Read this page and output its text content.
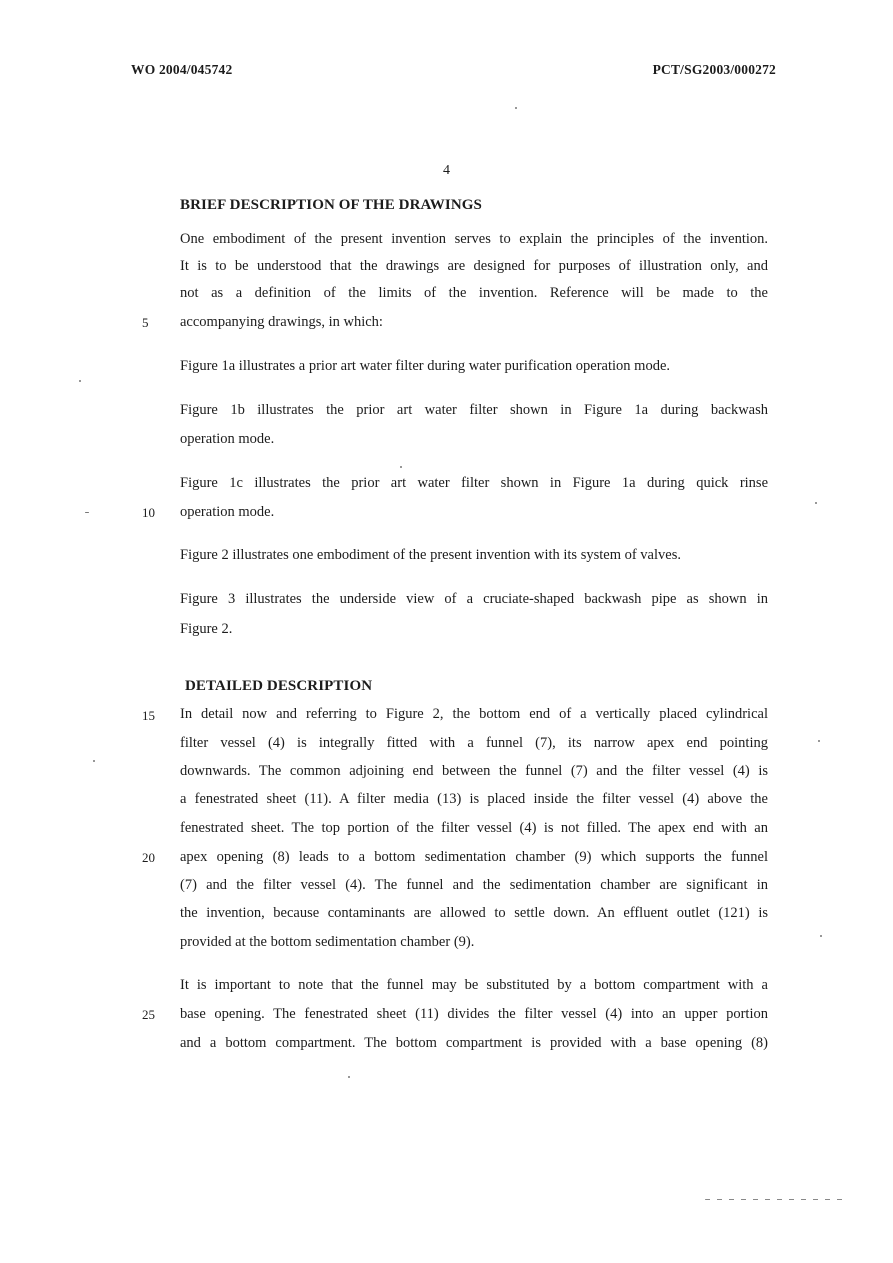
WO 2004/045742	PCT/SG2003/000272
4
BRIEF DESCRIPTION OF THE DRAWINGS
One embodiment of the present invention serves to explain the principles of the invention.
It is to be understood that the drawings are designed for purposes of illustration only, and
not as a definition of the limits of the invention. Reference will be made to the
accompanying drawings, in which:
5
Figure 1a illustrates a prior art water filter during water purification operation mode.
Figure 1b illustrates the prior art water filter shown in Figure 1a during backwash
operation mode.
Figure 1c illustrates the prior art water filter shown in Figure 1a during quick rinse
operation mode.
10
Figure 2 illustrates one embodiment of the present invention with its system of valves.
Figure 3 illustrates the underside view of a cruciate-shaped backwash pipe as shown in
Figure 2.
DETAILED DESCRIPTION
In detail now and referring to Figure 2, the bottom end of a vertically placed cylindrical
15
filter vessel (4) is integrally fitted with a funnel (7), its narrow apex end pointing
downwards. The common adjoining end between the funnel (7) and the filter vessel (4) is
a fenestrated sheet (11). A filter media (13) is placed inside the filter vessel (4) above the
fenestrated sheet. The top portion of the filter vessel (4) is not filled. The apex end with an
apex opening (8) leads to a bottom sedimentation chamber (9) which supports the funnel
20
(7) and the filter vessel (4). The funnel and the sedimentation chamber are significant in
the invention, because contaminants are allowed to settle down. An effluent outlet (121) is
provided at the bottom sedimentation chamber (9).
It is important to note that the funnel may be substituted by a bottom compartment with a
base opening. The fenestrated sheet (11) divides the filter vessel (4) into an upper portion
25
and a bottom compartment. The bottom compartment is provided with a base opening (8)
